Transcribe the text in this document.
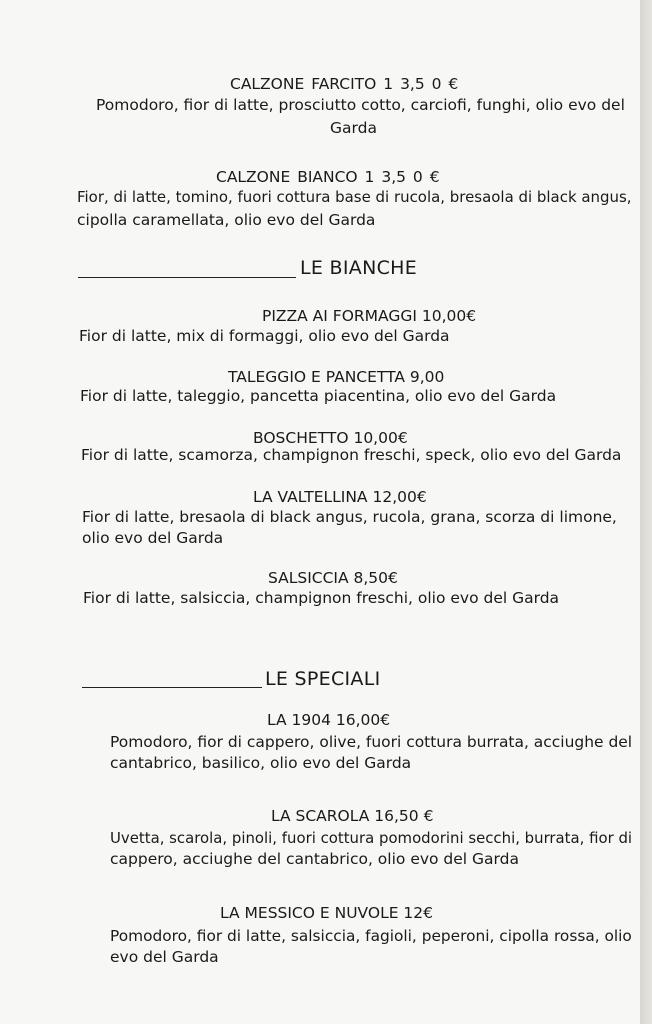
CALZONE FARCITO 1 3,5 0 €
Pomodoro, fior di latte, prosciutto cotto, carciofi, funghi, olio evo del
Garda
CALZONE BIANCO 1 3,5 0 €
Fior, di latte, tomino, fuori cottura base di rucola, bresaola di black angus,
cipolla caramellata, olio evo del Garda
LE BIANCHE
PIZZA AI FORMAGGI 10,00€
Fior di latte, mix di formaggi, olio evo del Garda
TALEGGIO E PANCETTA 9,00
Fior di latte, taleggio, pancetta piacentina, olio evo del Garda
BOSCHETTO 10,00€
Fior di latte, scamorza, champignon freschi, speck, olio evo del Garda
LA VALTELLINA 12,00€
Fior di latte, bresaola di black angus, rucola, grana, scorza di limone,
olio evo del Garda
SALSICCIA 8,50€
Fior di latte, salsiccia, champignon freschi, olio evo del Garda
LE SPECIALI
LA 1904 16,00€
Pomodoro, fior di cappero, olive, fuori cottura burrata, acciughe del
cantabrico, basilico, olio evo del Garda
LA SCAROLA 16,50 €
Uvetta, scarola, pinoli, fuori cottura pomodorini secchi, burrata, fior di
cappero, acciughe del cantabrico, olio evo del Garda
LA MESSICO E NUVOLE 12€
Pomodoro, fior di latte, salsiccia, fagioli, peperoni, cipolla rossa, olio
evo del Garda
